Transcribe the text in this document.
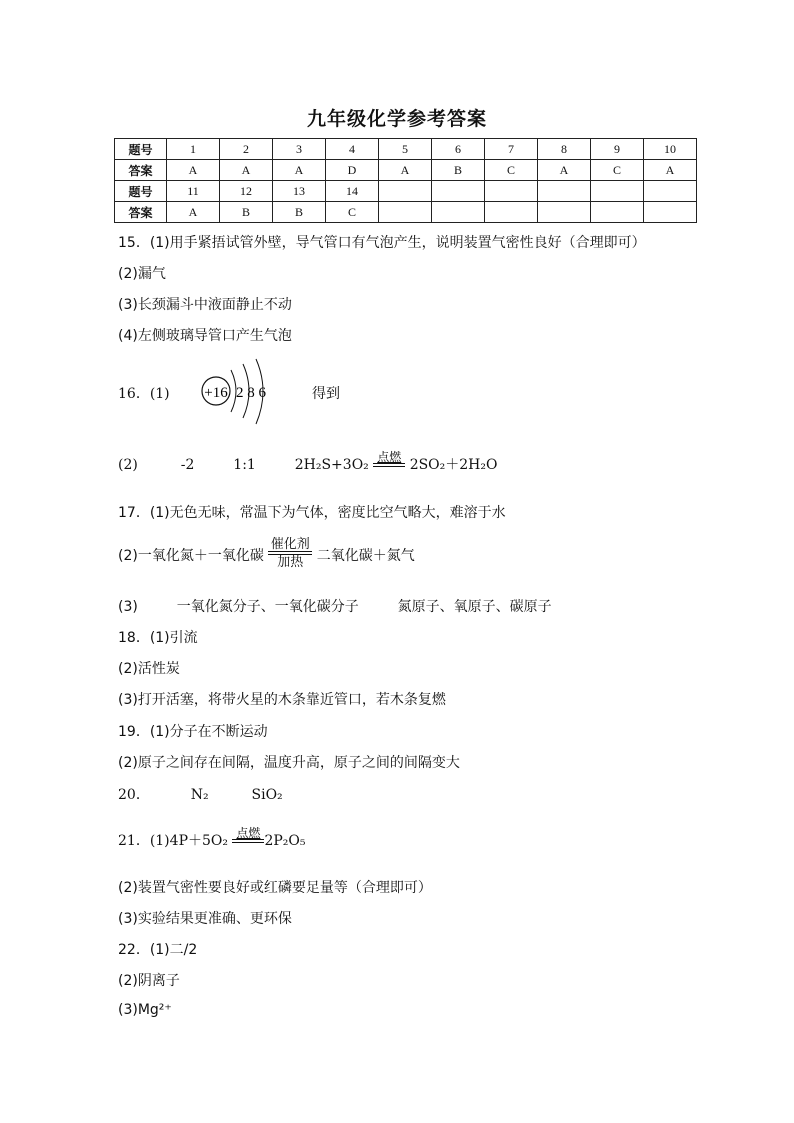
九年级化学参考答案
题号	1	2	3	4	5	6	7	8	9	10
答案	A	A	A	D	A	B	C	A	C	A
题号	11	12	13	14						
答案	A	B	B	C						
15．(1)用手紧捂试管外壁，导气管口有气泡产生，说明装置气密性良好（合理即可）
(2)漏气
(3)长颈漏斗中液面静止不动
(4)左侧玻璃导管口产生气泡
16．(1) +16 2 8 6	得到
(2)	-2	1:1	2H₂S+3O₂ 点燃 2SO₂＋2H₂O
17．(1)无色无味，常温下为气体，密度比空气略大，难溶于水
(2)一氧化氮＋一氧化碳
催化剂
加热 二氧化碳＋氮气
(3)	一氧化氮分子、一氧化碳分子	氮原子、氧原子、碳原子
18．(1)引流
(2)活性炭
(3)打开活塞，将带火星的木条靠近管口，若木条复燃
19．(1)分子在不断运动
(2)原子之间存在间隔，温度升高，原子之间的间隔变大
20．	N₂	SiO₂
21．(1)4P＋5O₂ 点燃 2P₂O₅
(2)装置气密性要良好或红磷要足量等（合理即可）
(3)实验结果更准确、更环保
22．(1)二/2
(2)阴离子
(3)Mg²⁺
